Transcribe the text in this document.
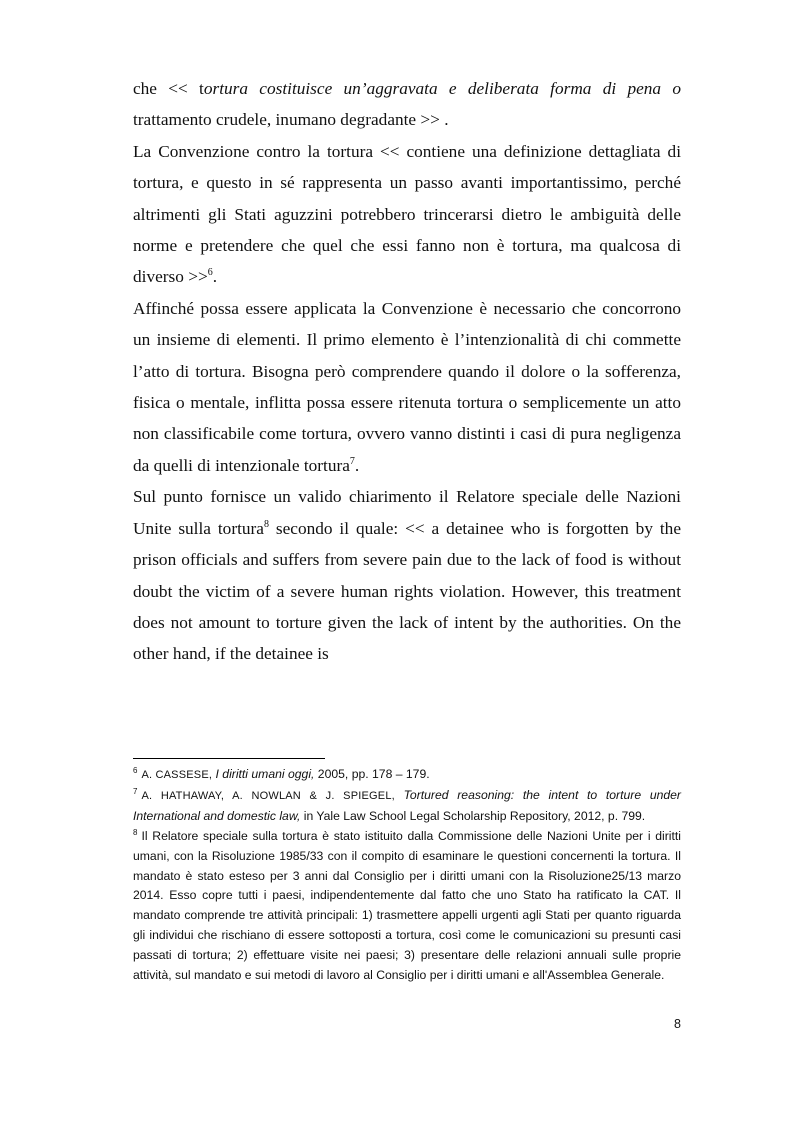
che << tortura costituisce un’aggravata e deliberata forma di pena o trattamento crudele, inumano degradante >> .

La Convenzione contro la tortura << contiene una definizione dettagliata di tortura, e questo in sé rappresenta un passo avanti importantissimo, perché altrimenti gli Stati aguzzini potrebbero trincerarsi dietro le ambiguità delle norme e pretendere che quel che essi fanno non è tortura, ma qualcosa di diverso >>$^6$.

Affinché possa essere applicata la Convenzione è necessario che concorrono un insieme di elementi. Il primo elemento è l’intenzionalità di chi commette l’atto di tortura. Bisogna però comprendere quando il dolore o la sofferenza, fisica o mentale, inflitta possa essere ritenuta tortura o semplicemente un atto non classificabile come tortura, ovvero vanno distinti i casi di pura negligenza da quelli di intenzionale tortura$^7$.

Sul punto fornisce un valido chiarimento il Relatore speciale delle Nazioni Unite sulla tortura$^8$ secondo il quale: << a detainee who is forgotten by the prison officials and suffers from severe pain due to the lack of food is without doubt the victim of a severe human rights violation. However, this treatment does not amount to torture given the lack of intent by the authorities. On the other hand, if the detainee is

$^6$ A. CASSESE, I diritti umani oggi, 2005, pp. 178 – 179.

$^7$ A. HATHAWAY, A. NOWLAN & J. SPIEGEL, Tortured reasoning: the intent to torture under International and domestic law, in Yale Law School Legal Scholarship Repository, 2012, p. 799.

$^8$ Il Relatore speciale sulla tortura è stato istituito dalla Commissione delle Nazioni Unite per i diritti umani, con la Risoluzione 1985/33 con il compito di esaminare le questioni concernenti la tortura. Il mandato è stato esteso per 3 anni dal Consiglio per i diritti umani con la Risoluzione25/13 marzo 2014. Esso copre tutti i paesi, indipendentemente dal fatto che uno Stato ha ratificato la CAT. Il mandato comprende tre attività principali: 1) trasmettere appelli urgenti agli Stati per quanto riguarda gli individui che rischiano di essere sottoposti a tortura, così come le comunicazioni su presunti casi passati di tortura; 2) effettuare visite nei paesi; 3) presentare delle relazioni annuali sulle proprie attività, sul mandato e sui metodi di lavoro al Consiglio per i diritti umani e all'Assemblea Generale.

8
